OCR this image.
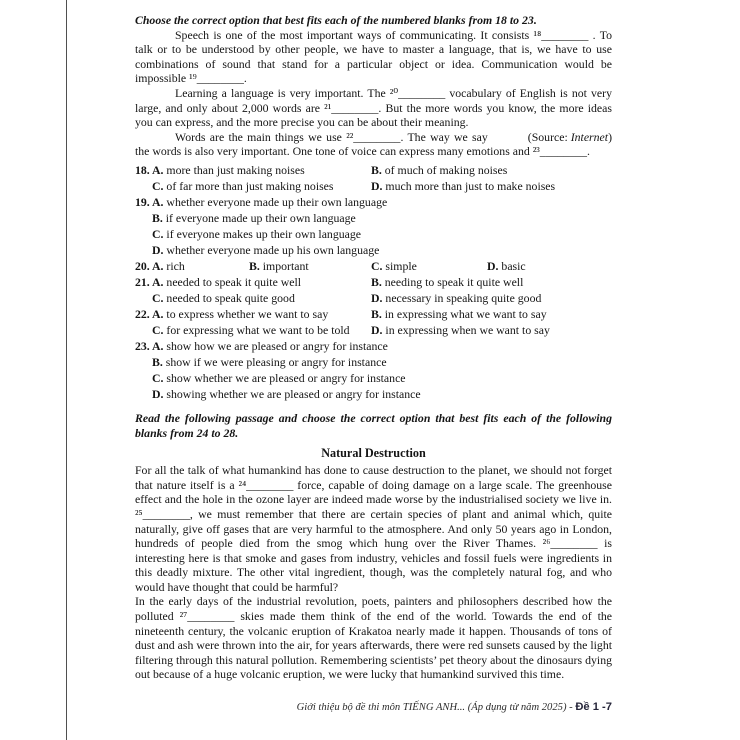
Choose the correct option that best fits each of the numbered blanks from 18 to 23.

Speech is one of the most important ways of communicating. It consists ¹⁸________ . To talk or to be understood by other people, we have to master a language, that is, we have to use combinations of sound that stand for a particular object or idea. Communication would be impossible ¹⁹________.

Learning a language is very important. The ²⁰________ vocabulary of English is not very large, and only about 2,000 words are ²¹________. But the more words you know, the more ideas you can express, and the more precise you can be about their meaning.

(Source: Internet)
Words are the main things we use ²²________. The way we say the words is also very important. One tone of voice can express many emotions and ²³________.

18. A. more than just making noises	B. of much of making noises
C. of far more than just making noises	D. much more than just to make noises
19. A. whether everyone made up their own language
B. if everyone made up their own language
C. if everyone makes up their own language
D. whether everyone made up his own language
20. A. rich	B. important	C. simple	D. basic
21. A. needed to speak it quite well	B. needing to speak it quite well
C. needed to speak quite good	D. necessary in speaking quite good
22. A. to express whether we want to say	B. in expressing what we want to say
C. for expressing what we want to be told	D. in expressing when we want to say
23. A. show how we are pleased or angry for instance
B. show if we were pleasing or angry for instance
C. show whether we are pleased or angry for instance
D. showing whether we are pleased or angry for instance
Read the following passage and choose the correct option that best fits each of the following blanks from 24 to 28.
Natural Destruction

For all the talk of what humankind has done to cause destruction to the planet, we should not forget that nature itself is a ²⁴________ force, capable of doing damage on a large scale. The greenhouse effect and the hole in the ozone layer are indeed made worse by the industrialised society we live in. ²⁵________, we must remember that there are certain species of plant and animal which, quite naturally, give off gases that are very harmful to the atmosphere. And only 50 years ago in London, hundreds of people died from the smog which hung over the River Thames. ²⁶________ is interesting here is that smoke and gases from industry, vehicles and fossil fuels were ingredients in this deadly mixture. The other vital ingredient, though, was the completely natural fog, and who would have thought that could be harmful?

In the early days of the industrial revolution, poets, painters and philosophers described how the polluted ²⁷________ skies made them think of the end of the world. Towards the end of the nineteenth century, the volcanic eruption of Krakatoa nearly made it happen. Thousands of tons of dust and ash were thrown into the air, for years afterwards, there were red sunsets caused by the light filtering through this natural pollution. Remembering scientists’ pet theory about the dinosaurs dying out because of a huge volcanic eruption, we were lucky that humankind survived this time.

Giới thiệu bộ đề thi môn TIẾNG ANH... (Áp dụng từ năm 2025) - Đề 1 -7
